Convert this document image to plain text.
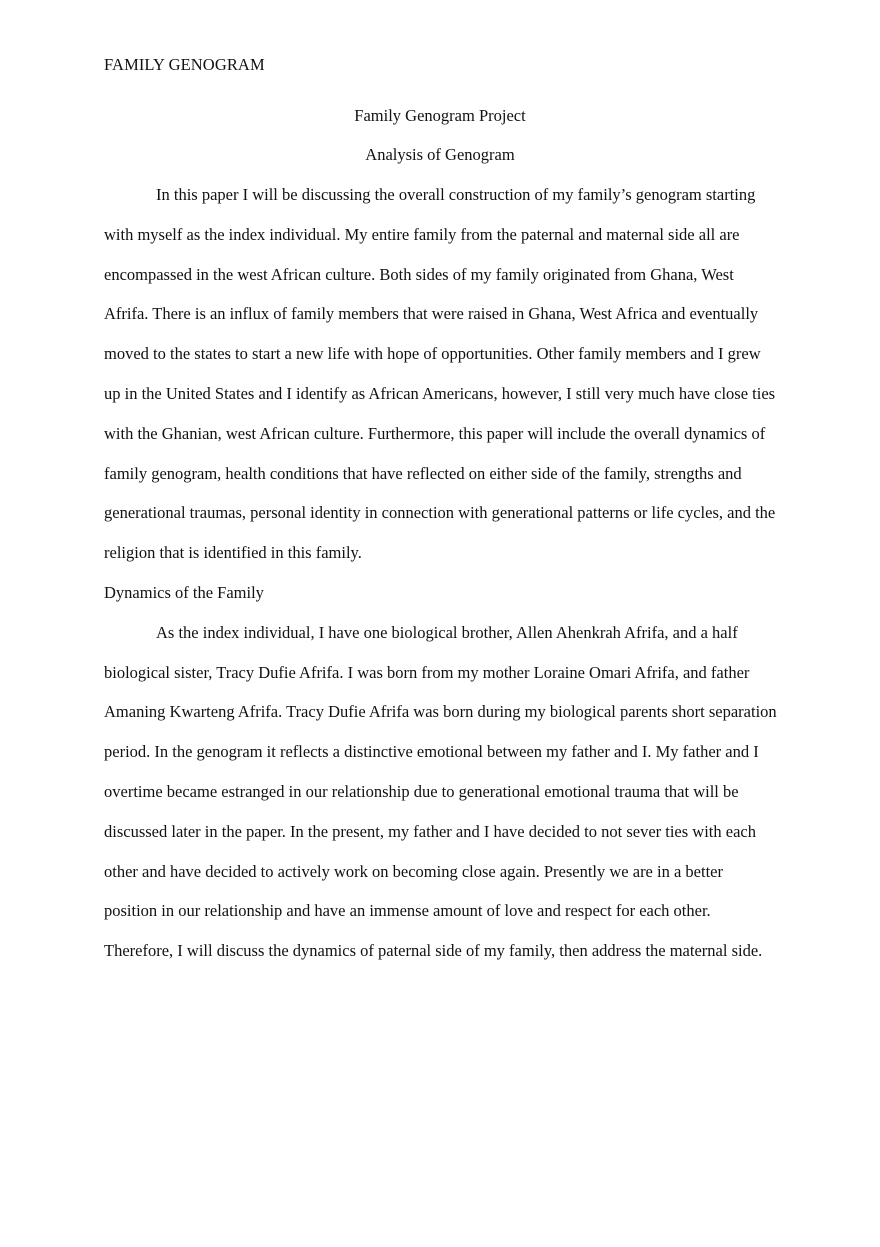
FAMILY GENOGRAM
Family Genogram Project
Analysis of Genogram

In this paper I will be discussing the overall construction of my family’s genogram starting with myself as the index individual. My entire family from the paternal and maternal side all are encompassed in the west African culture. Both sides of my family originated from Ghana, West Afrifa. There is an influx of family members that were raised in Ghana, West Africa and eventually moved to the states to start a new life with hope of opportunities. Other family members and I grew up in the United States and I identify as African Americans, however, I still very much have close ties with the Ghanian, west African culture. Furthermore, this paper will include the overall dynamics of family genogram, health conditions that have reflected on either side of the family, strengths and generational traumas, personal identity in connection with generational patterns or life cycles, and the religion that is identified in this family.

Dynamics of the Family

As the index individual, I have one biological brother, Allen Ahenkrah Afrifa, and a half biological sister, Tracy Dufie Afrifa. I was born from my mother Loraine Omari Afrifa, and father Amaning Kwarteng Afrifa. Tracy Dufie Afrifa was born during my biological parents short separation period. In the genogram it reflects a distinctive emotional between my father and I. My father and I overtime became estranged in our relationship due to generational emotional trauma that will be discussed later in the paper. In the present, my father and I have decided to not sever ties with each other and have decided to actively work on becoming close again. Presently we are in a better position in our relationship and have an immense amount of love and respect for each other. Therefore, I will discuss the dynamics of paternal side of my family, then address the maternal side.
